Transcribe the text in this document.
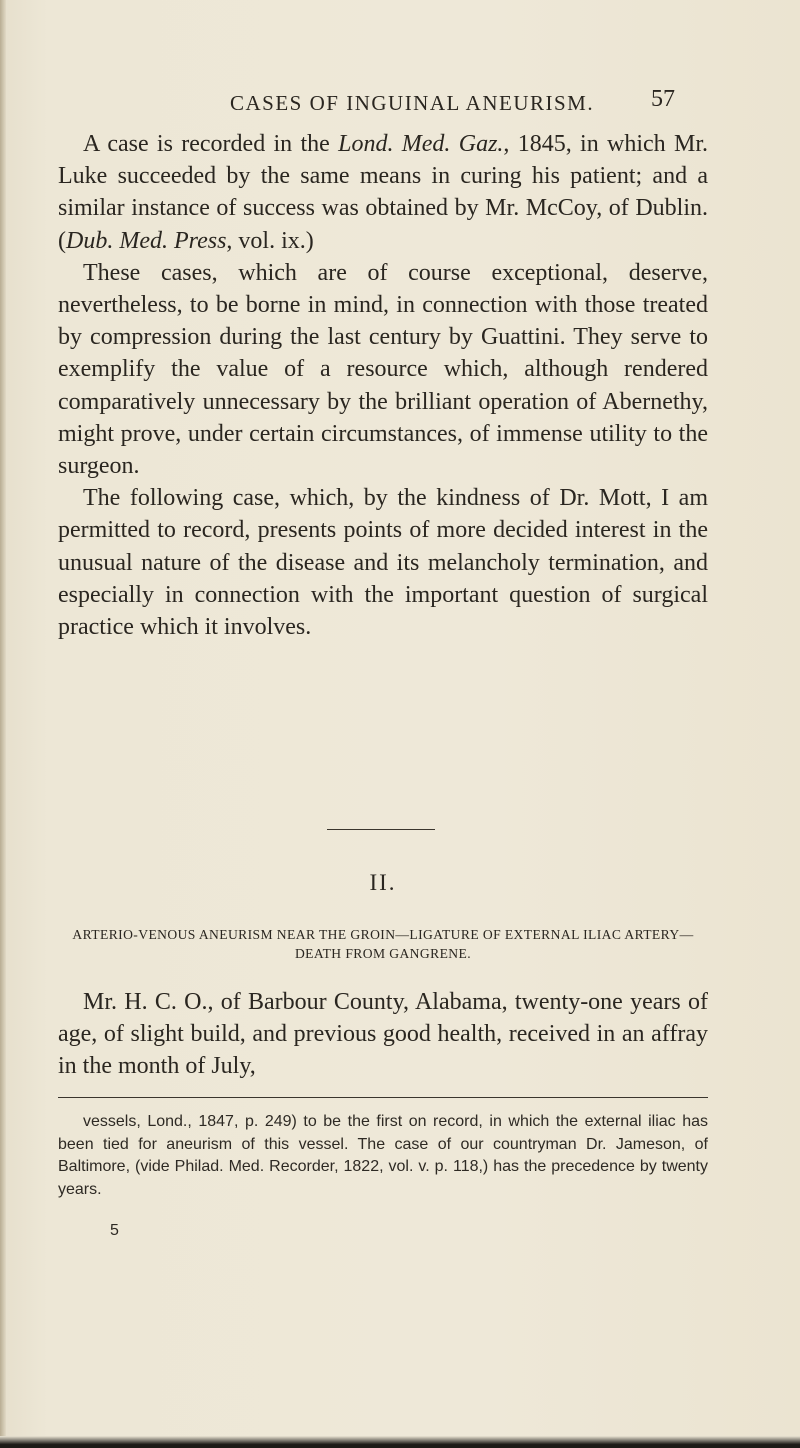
CASES OF INGUINAL ANEURISM.	57

A case is recorded in the Lond. Med. Gaz., 1845, in which Mr. Luke succeeded by the same means in curing his patient; and a similar instance of success was obtained by Mr. McCoy, of Dublin. (Dub. Med. Press, vol. ix.)

These cases, which are of course exceptional, deserve, nevertheless, to be borne in mind, in connection with those treated by compression during the last century by Guattini. They serve to exemplify the value of a resource which, although rendered comparatively unnecessary by the brilliant operation of Abernethy, might prove, under certain circumstances, of immense utility to the surgeon.

The following case, which, by the kindness of Dr. Mott, I am permitted to record, presents points of more decided interest in the unusual nature of the disease and its melancholy termination, and especially in connection with the important question of surgical practice which it involves.

II.
ARTERIO-VENOUS ANEURISM NEAR THE GROIN—LIGATURE OF EXTERNAL ILIAC ARTERY—DEATH FROM GANGRENE.

Mr. H. C. O., of Barbour County, Alabama, twenty-one years of age, of slight build, and previous good health, received in an affray in the month of July,

vessels, Lond., 1847, p. 249) to be the first on record, in which the external iliac has been tied for aneurism of this vessel. The case of our countryman Dr. Jameson, of Baltimore, (vide Philad. Med. Recorder, 1822, vol. v. p. 118,) has the precedence by twenty years.

5
